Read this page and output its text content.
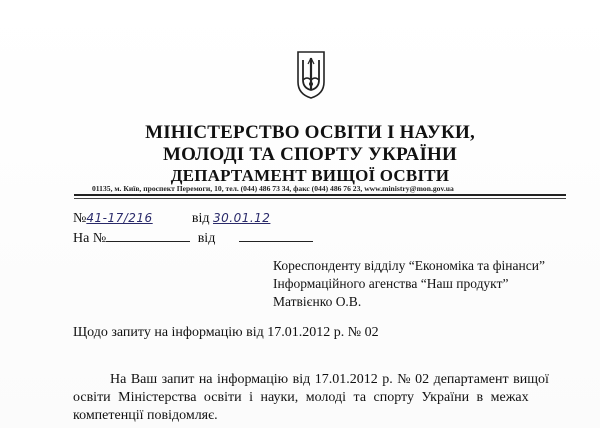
МІНІСТЕРСТВО ОСВІТИ І НАУКИ,
МОЛОДІ ТА СПОРТУ УКРАЇНИ
ДЕПАРТАМЕНТ ВИЩОЇ ОСВІТИ
01135, м. Київ, проспект Перемоги, 10, тел. (044) 486 73 34, факс (044) 486 76 23, www.ministry@mon.gov.ua
№41-17/216	від 30.01.12
На №	від
Кореспонденту відділу “Економіка та фінанси”
Інформаційного агенства “Наш продукт”
Матвієнко О.В.
Щодо запиту на інформацію від 17.01.2012 р. № 02
На Ваш запит на інформацію від 17.01.2012 р. № 02 департамент вищої
освіти Міністерства освіти і науки, молоді та спорту України в межах
компетенції повідомляє.
